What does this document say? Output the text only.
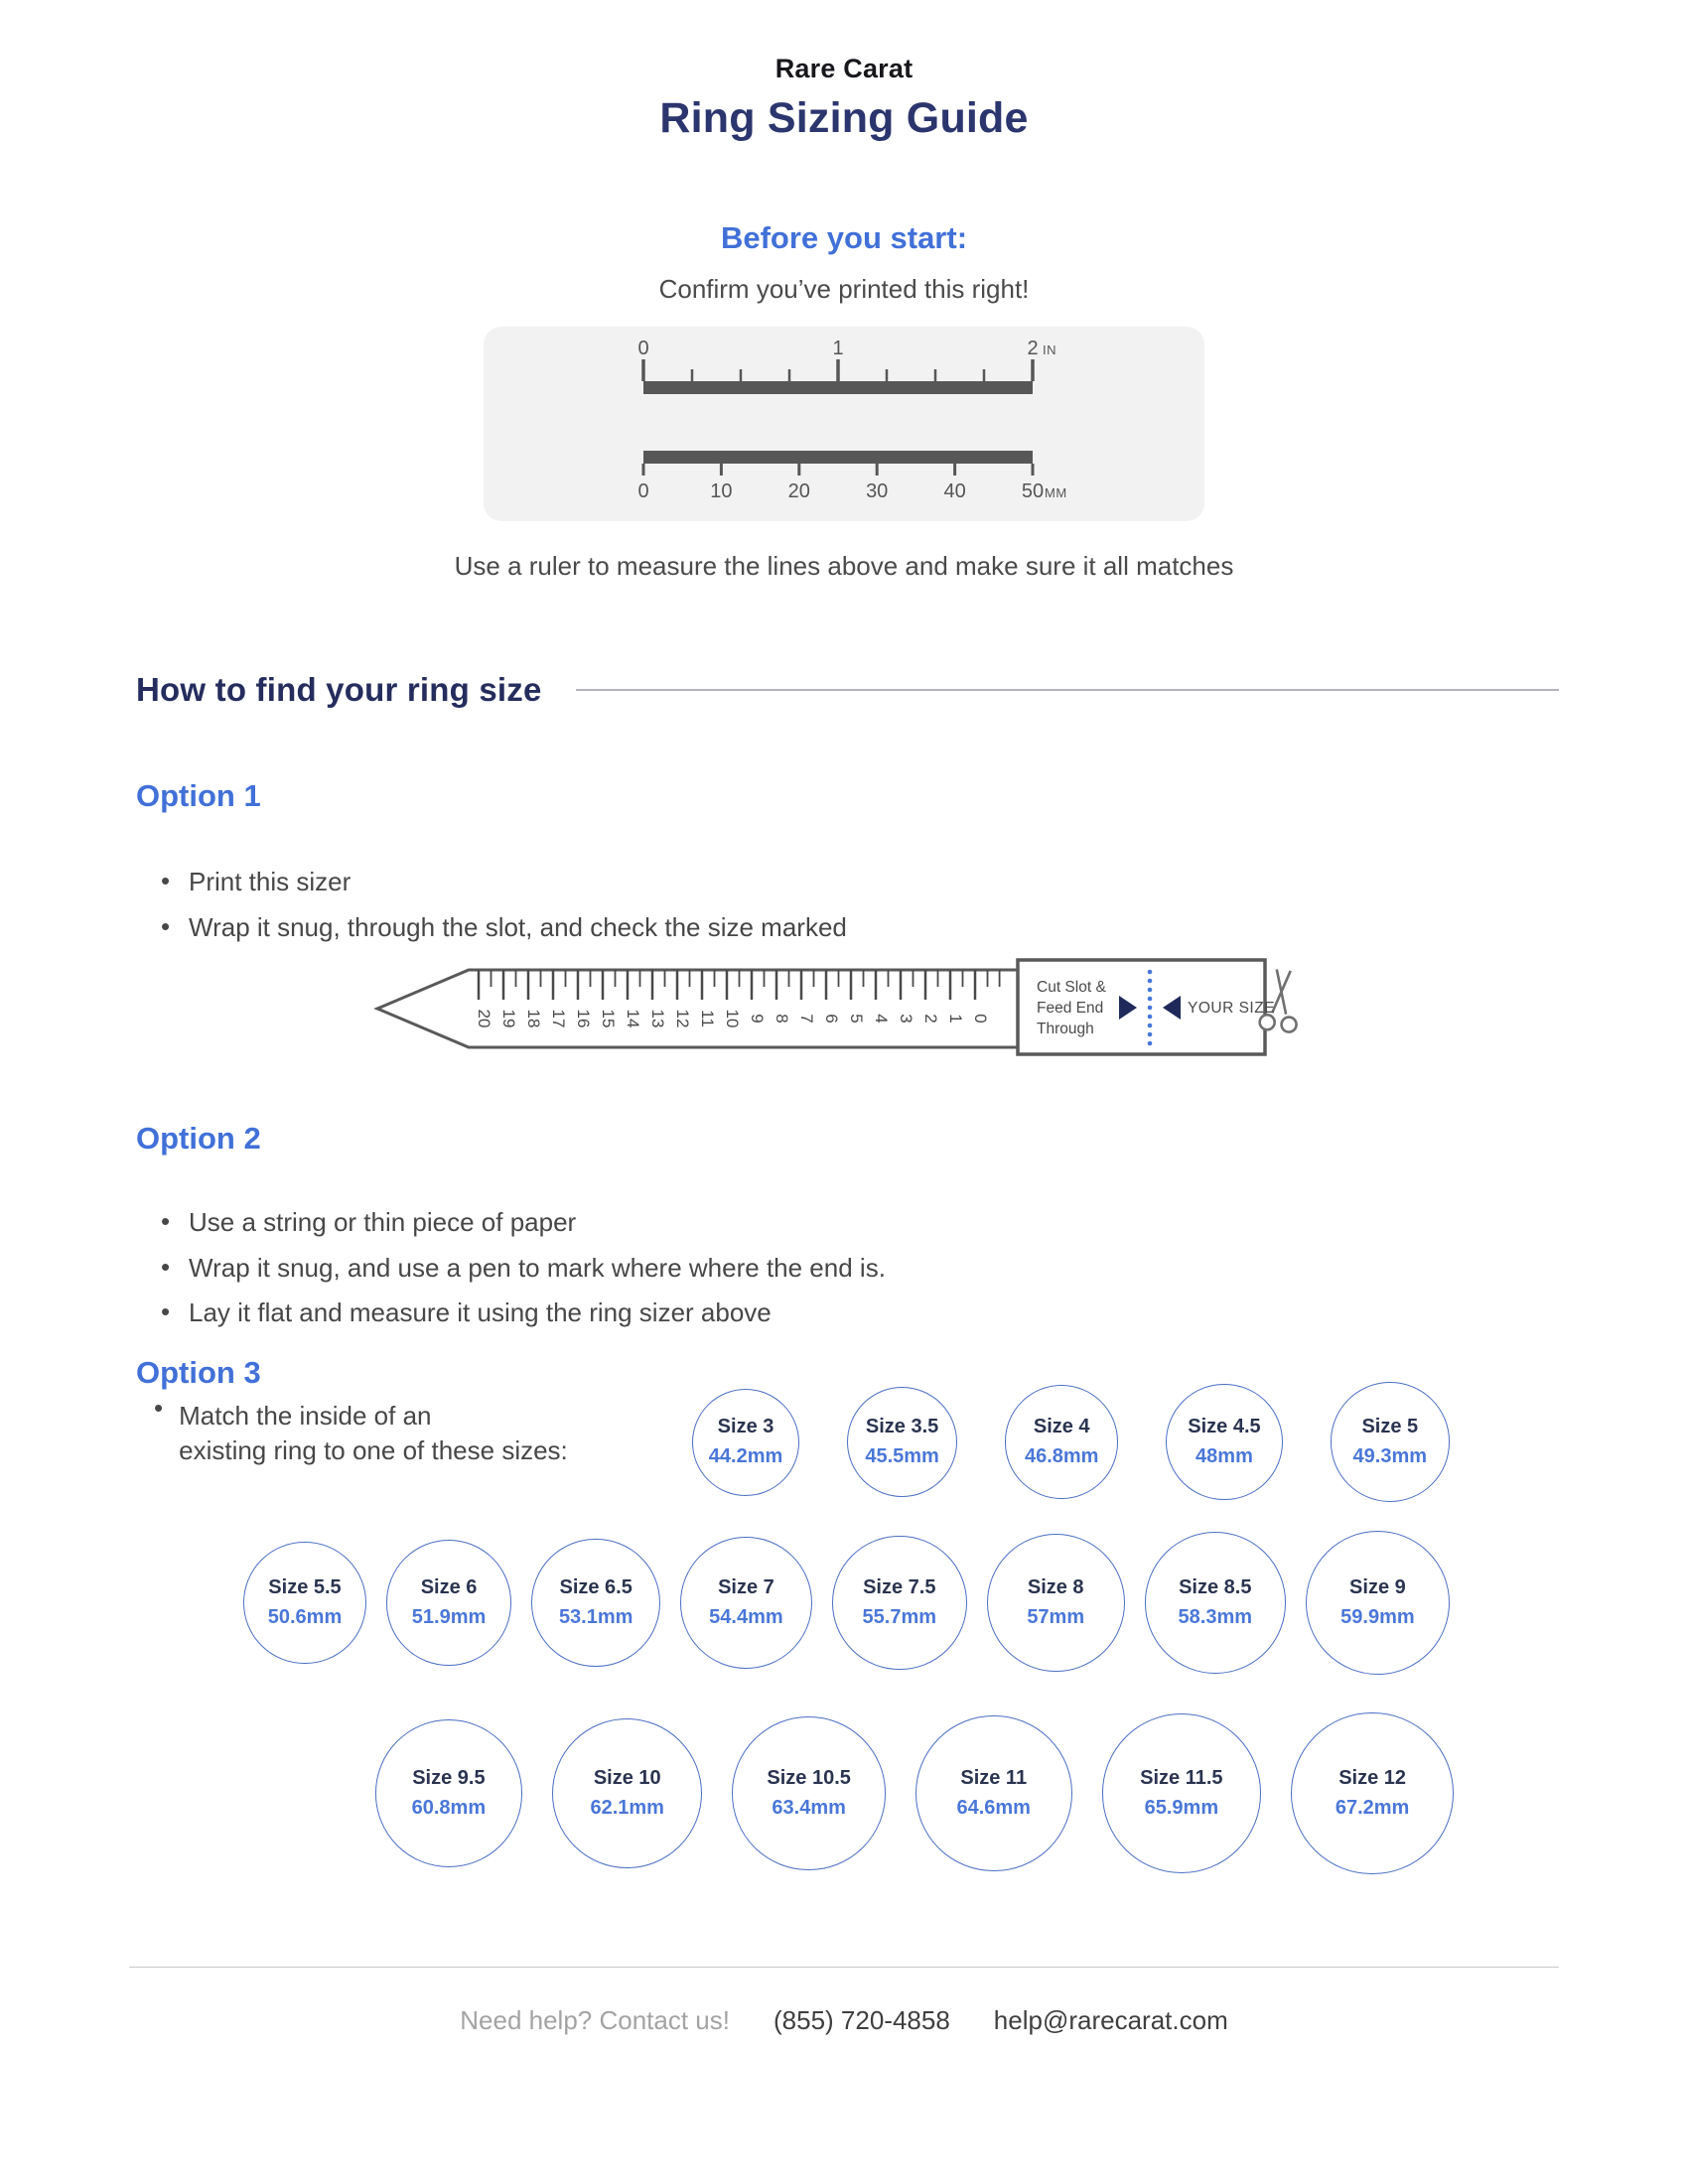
Rare Carat
Ring Sizing Guide
Before you start:

Confirm you’ve printed this right!

0	1	2 IN
0	10	20	30	40	50 MM

Use a ruler to measure the lines above and make sure it all matches

How to find your ring size
Option 1
• Print this sizer
• Wrap it snug, through the slot, and check the size marked
20 19 18 17 16 15 14 13 12 11 10 9 8 7 6 5 4 3 2 1 0
Cut Slot &
Feed End
Through
YOUR SIZE
Option 2
• Use a string or thin piece of paper
• Wrap it snug, and use a pen to mark where where the end is.
• Lay it flat and measure it using the ring sizer above
Option 3
• Match the inside of an
existing ring to one of these sizes:
Size 3
44.2mm
Size 3.5
45.5mm
Size 4
46.8mm
Size 4.5
48mm
Size 5
49.3mm
Size 5.5
50.6mm
Size 6
51.9mm
Size 6.5
53.1mm
Size 7
54.4mm
Size 7.5
55.7mm
Size 8
57mm
Size 8.5
58.3mm
Size 9
59.9mm
Size 9.5
60.8mm
Size 10
62.1mm
Size 10.5
63.4mm
Size 11
64.6mm
Size 11.5
65.9mm
Size 12
67.2mm
Need help? Contact us! (855) 720-4858 help@rarecarat.com
